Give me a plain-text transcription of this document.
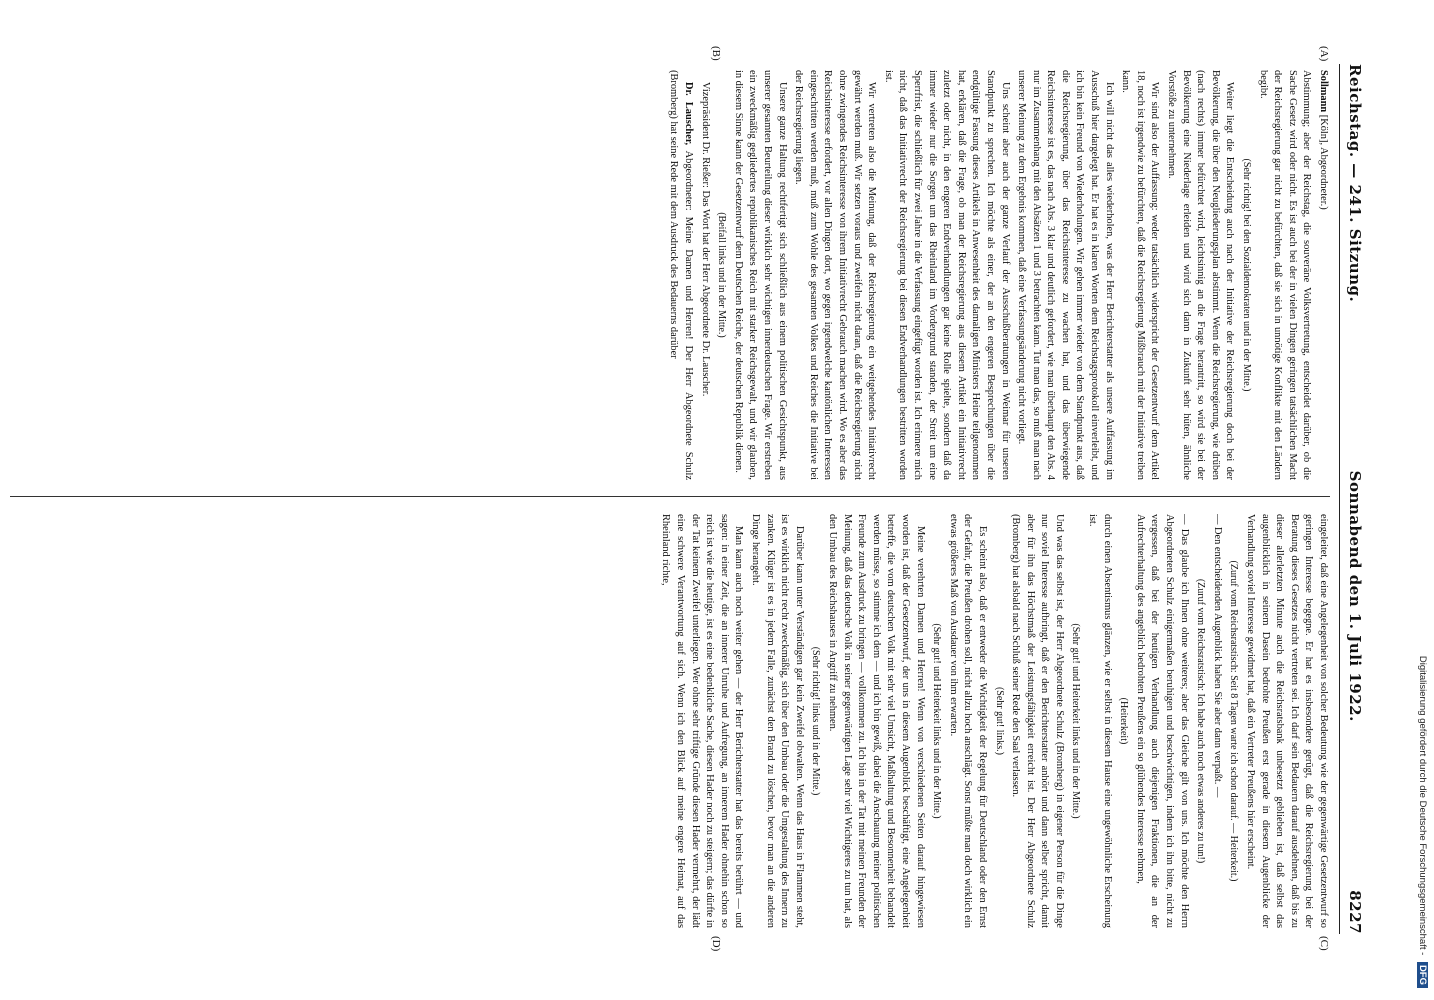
Reichstag. — 241. Sitzung.
Sonnabend den 1. Juli 1922.
8227
(A)
(B)
(C)
(D)

Sollmann [Köln], Abgeordneter.)

Abstimmung; aber der Reichstag, die souveräne Volksvertretung, entscheidet darüber, ob die Sache Gesetz wird oder nicht. Es ist auch bei der in vielen Dingen geringen tatsächlichen Macht der Reichsregierung gar nicht zu befürchten, daß sie sich in unnötige Konflikte mit den Ländern begibt.

(Sehr richtig! bei den Sozialdemokraten und in der Mitte.)

Weiter liegt die Entscheidung auch nach der Initiative der Reichsregierung doch bei der Bevölkerung, die über den Neugliederungsplan abstimmt. Wenn die Reichsregierung, wie drüben (nach rechts) immer befürchtet wird, leichtsinnig an die Frage herantritt, so wird sie bei der Bevölkerung eine Niederlage erleiden und wird sich dann in Zukunft sehr hüten, ähnliche Vorstöße zu unternehmen.

Wir sind also der Auffassung: weder tatsächlich widerspricht der Gesetzentwurf dem Artikel 18, noch ist irgendwie zu befürchten, daß die Reichsregierung Mißbrauch mit der Initiative treiben kann.

Ich will nicht das alles wiederholen, was der Herr Berichterstatter als unsere Auffassung im Ausschuß hier dargelegt hat. Er hat es in klaren Worten dem Reichstagsprotokoll einverleibt, und ich bin kein Freund von Wiederholungen. Wir gehen immer wieder von dem Standpunkt aus, daß die Reichsregierung, über das Reichsinteresse zu wachen hat, und das überwiegende Reichsinteresse ist es, das nach Abs. 3 klar und deutlich gefordert, wie man überhaupt den Abs. 4 nur im Zusammenhang mit den Absätzen 1 und 3 betrachten kann. Tut man das, so muß man nach unserer Meinung zu dem Ergebnis kommen, daß eine Verfassungsänderung nicht vorliegt.

Uns scheint aber auch der ganze Verlauf der Ausschußberatungen in Weimar für unseren Standpunkt zu sprechen. Ich möchte als einer, der an den engeren Besprechungen über die endgültige Fassung dieses Artikels in Anwesenheit des damaligen Ministers Heine teilgenommen hat, erklären, daß die Frage, ob man der Reichsregierung aus diesem Artikel ein Initiativrecht zuletzt oder nicht, in den engeren Endverhandlungen gar keine Rolle spielte, sondern daß da immer wieder nur die Sorgen um das Rheinland im Vordergrund standen, der Streit um eine Sperrfrist, die schließlich für zwei Jahre in die Verfassung eingefügt worden ist. Ich erinnere mich nicht, daß das Initiativrecht der Reichsregierung bei diesen Endverhandlungen bestritten worden ist.

Wir vertreten also die Meinung, daß der Reichsregierung ein weitgehendes Initiativrecht gewährt werden muß. Wir setzen voraus und zweifeln nicht daran, daß die Reichsregierung nicht ohne zwingendes Reichsinteresse von ihrem Initiativrecht Gebrauch machen wird. Wo es aber das Reichsinteresse erfordert, vor allen Dingen dort, wo gegen irgendwelche kantönlichen Interessen eingeschritten werden muß, muß zum Wohle des gesamten Volkes und Reiches die Initiative bei der Reichsregierung liegen.

Unsere ganze Haltung rechtfertigt sich schließlich aus einem politischen Gesichtspunkt, aus unserer gesamten Beurteilung dieser wirklich sehr wichtigen innerdeutschen Frage. Wir erstreben ein zweckmäßig gegliedertes republikanisches Reich mit starker Reichsgewalt, und wir glauben, in diesem Sinne kann der Gesetzentwurf dem Deutschen Reiche, der deutschen Republik dienen.

(Beifall links und in der Mitte.)

Vizepräsident Dr. Rießer: Das Wort hat der Herr Abgeordnete Dr. Lauscher.

Dr. Lauscher, Abgeordneter: Meine Damen und Herren! Der Herr Abgeordnete Schulz (Bromberg) hat seine Rede mit dem Ausdruck des Bedauerns darüber

eingeleitet, daß eine Angelegenheit von solcher Bedeutung wie der gegenwärtige Gesetzentwurf so geringen Interesse begegne. Er hat es insbesondere gerügt, daß die Reichsregierung bei der Beratung dieses Gesetzes nicht vertreten sei. Ich darf sein Bedauern darauf ausdehnen, daß bis zu dieser allerletzten Minute auch die Reichsratsbank unbesetzt geblieben ist, daß selbst das augenblicklich in seinem Dasein bedrohte Preußen erst gerade in diesem Augenblicke der Verhandlung soviel Interesse gewidmet hat, daß ein Vertreter Preußens hier erscheint.

(Zuruf vom Reichsratstisch: Seit 8 Tagen warte ich schon darauf. — Heiterkeit.)

— Den entscheidenden Augenblick haben Sie aber dann verpaßt. —

(Zuruf vom Reichsratstisch: Ich habe auch noch etwas anderes zu tun!)

— Das glaube ich Ihnen ohne weiteres; aber das Gleiche gilt von uns. Ich möchte den Herrn Abgeordneten Schulz einigermaßen beruhigen und beschwichtigen, indem ich ihn bitte, nicht zu vergessen, daß bei der heutigen Verhandlung auch diejenigen Fraktionen, die an der Aufrechterhaltung des angeblich bedrohten Preußens ein so glühendes Interesse nehmen,

(Heiterkeit)

durch einen Absentismus glänzen, wie er selbst in diesem Hause eine ungewöhnliche Erscheinung ist.

(Sehr gut! und Heiterkeit links und in der Mitte.)

Und was das selbst ist, der Herr Abgeordnete Schulz (Bromberg) in eigener Person für die Dinge nur soviel Interesse aufbringt, daß er den Berichterstatter anhört und dann selber spricht, damit aber für ihn das Höchstmaß der Leistungsfähigkeit erreicht ist. Der Herr Abgeordnete Schulz (Bromberg) hat alsbald nach Schluß seiner Rede den Saal verlassen.

(Sehr gut! links.)

Es scheint also, daß er entweder die Wichtigkeit der Regelung für Deutschland oder den Ernst der Gefahr, die Preußen drohen soll, nicht allzu hoch anschlägt. Sonst müßte man doch wirklich ein etwas größeres Maß von Ausdauer von ihm erwarten.

(Sehr gut! und Heiterkeit links und in der Mitte.)

Meine verehrten Damen und Herren! Wenn von verschiedenen Seiten darauf hingewiesen worden ist, daß der Gesetzentwurf, der uns in diesem Augenblick beschäftigt, eine Angelegenheit betreffe, die vom deutschen Volk mit sehr viel Umsicht, Maßhaltung und Besonnenheit behandelt werden müsse, so stimme ich dem — und ich bin gewiß, dabei die Anschauung meiner politischen Freunde zum Ausdruck zu bringen — vollkommen zu. Ich bin in der Tat mit meinen Freunden der Meinung, daß das deutsche Volk in seiner gegenwärtigen Lage sehr viel Wichtigeres zu tun hat, als den Umbau des Reichshauses in Angriff zu nehmen.

(Sehr richtig! links und in der Mitte.)

Darüber kann unter Verständigen gar kein Zweifel obwalten. Wenn das Haus in Flammen steht, ist es wirklich nicht recht zweckmäßig, sich über den Umbau oder die Umgestaltung des Innern zu zanken. Klüger ist es in jedem Falle, zunächst den Brand zu löschen, bevor man an die anderen Dinge herangeht.

Man kann auch noch weiter gehen — der Herr Berichterstatter hat das bereits berührt — und sagen: in einer Zeit, die an innerer Unruhe und Aufregung, an innerem Hader ohnehin schon so reich ist wie die heutige, ist es eine bedenkliche Sache, diesen Hader noch zu steigern; das dürfte in der Tat keinem Zweifel unterliegen. Wer ohne sehr triftige Gründe diesen Hader vermehrt, der lädt eine schwere Verantwortung auf sich. Wenn ich den Blick auf meine engere Heimat, auf das Rheinland richte,

Digitalisierung gefördert durch die Deutsche Forschungsgemeinschaft - DFG
